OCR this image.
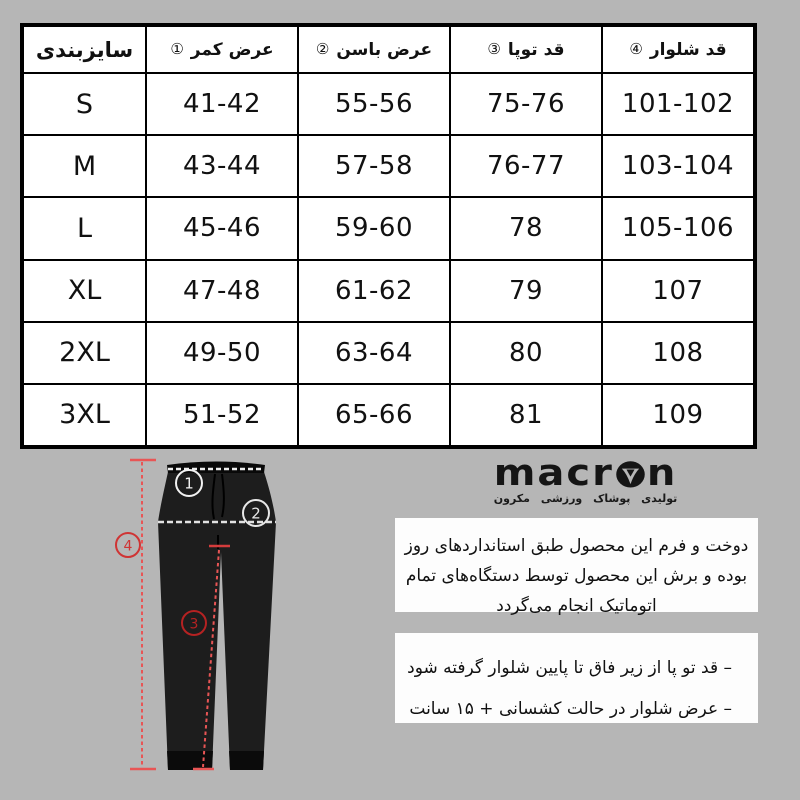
سایزبندی	① عرض کمر	② عرض باسن	③ قد توپا	④ قد شلوار
S	41-42	55-56	75-76	101-102
M	43-44	57-58	76-77	103-104
L	45-46	59-60	78	105-106
XL	47-48	61-62	79	107
2XL	49-50	63-64	80	108
3XL	51-52	65-66	81	109
1
2
3
4
macr n
تولیدی پوشاک ورزشی مکرون
دوخت و فرم این محصول طبق استانداردهای روز
بوده و برش این محصول توسط دستگاه‌های تمام
اتوماتیک انجام می‌گردد
– قد تو پا از زیر فاق تا پایین شلوار گرفته شود
– عرض شلوار در حالت کشسانی + ۱۵ سانت
